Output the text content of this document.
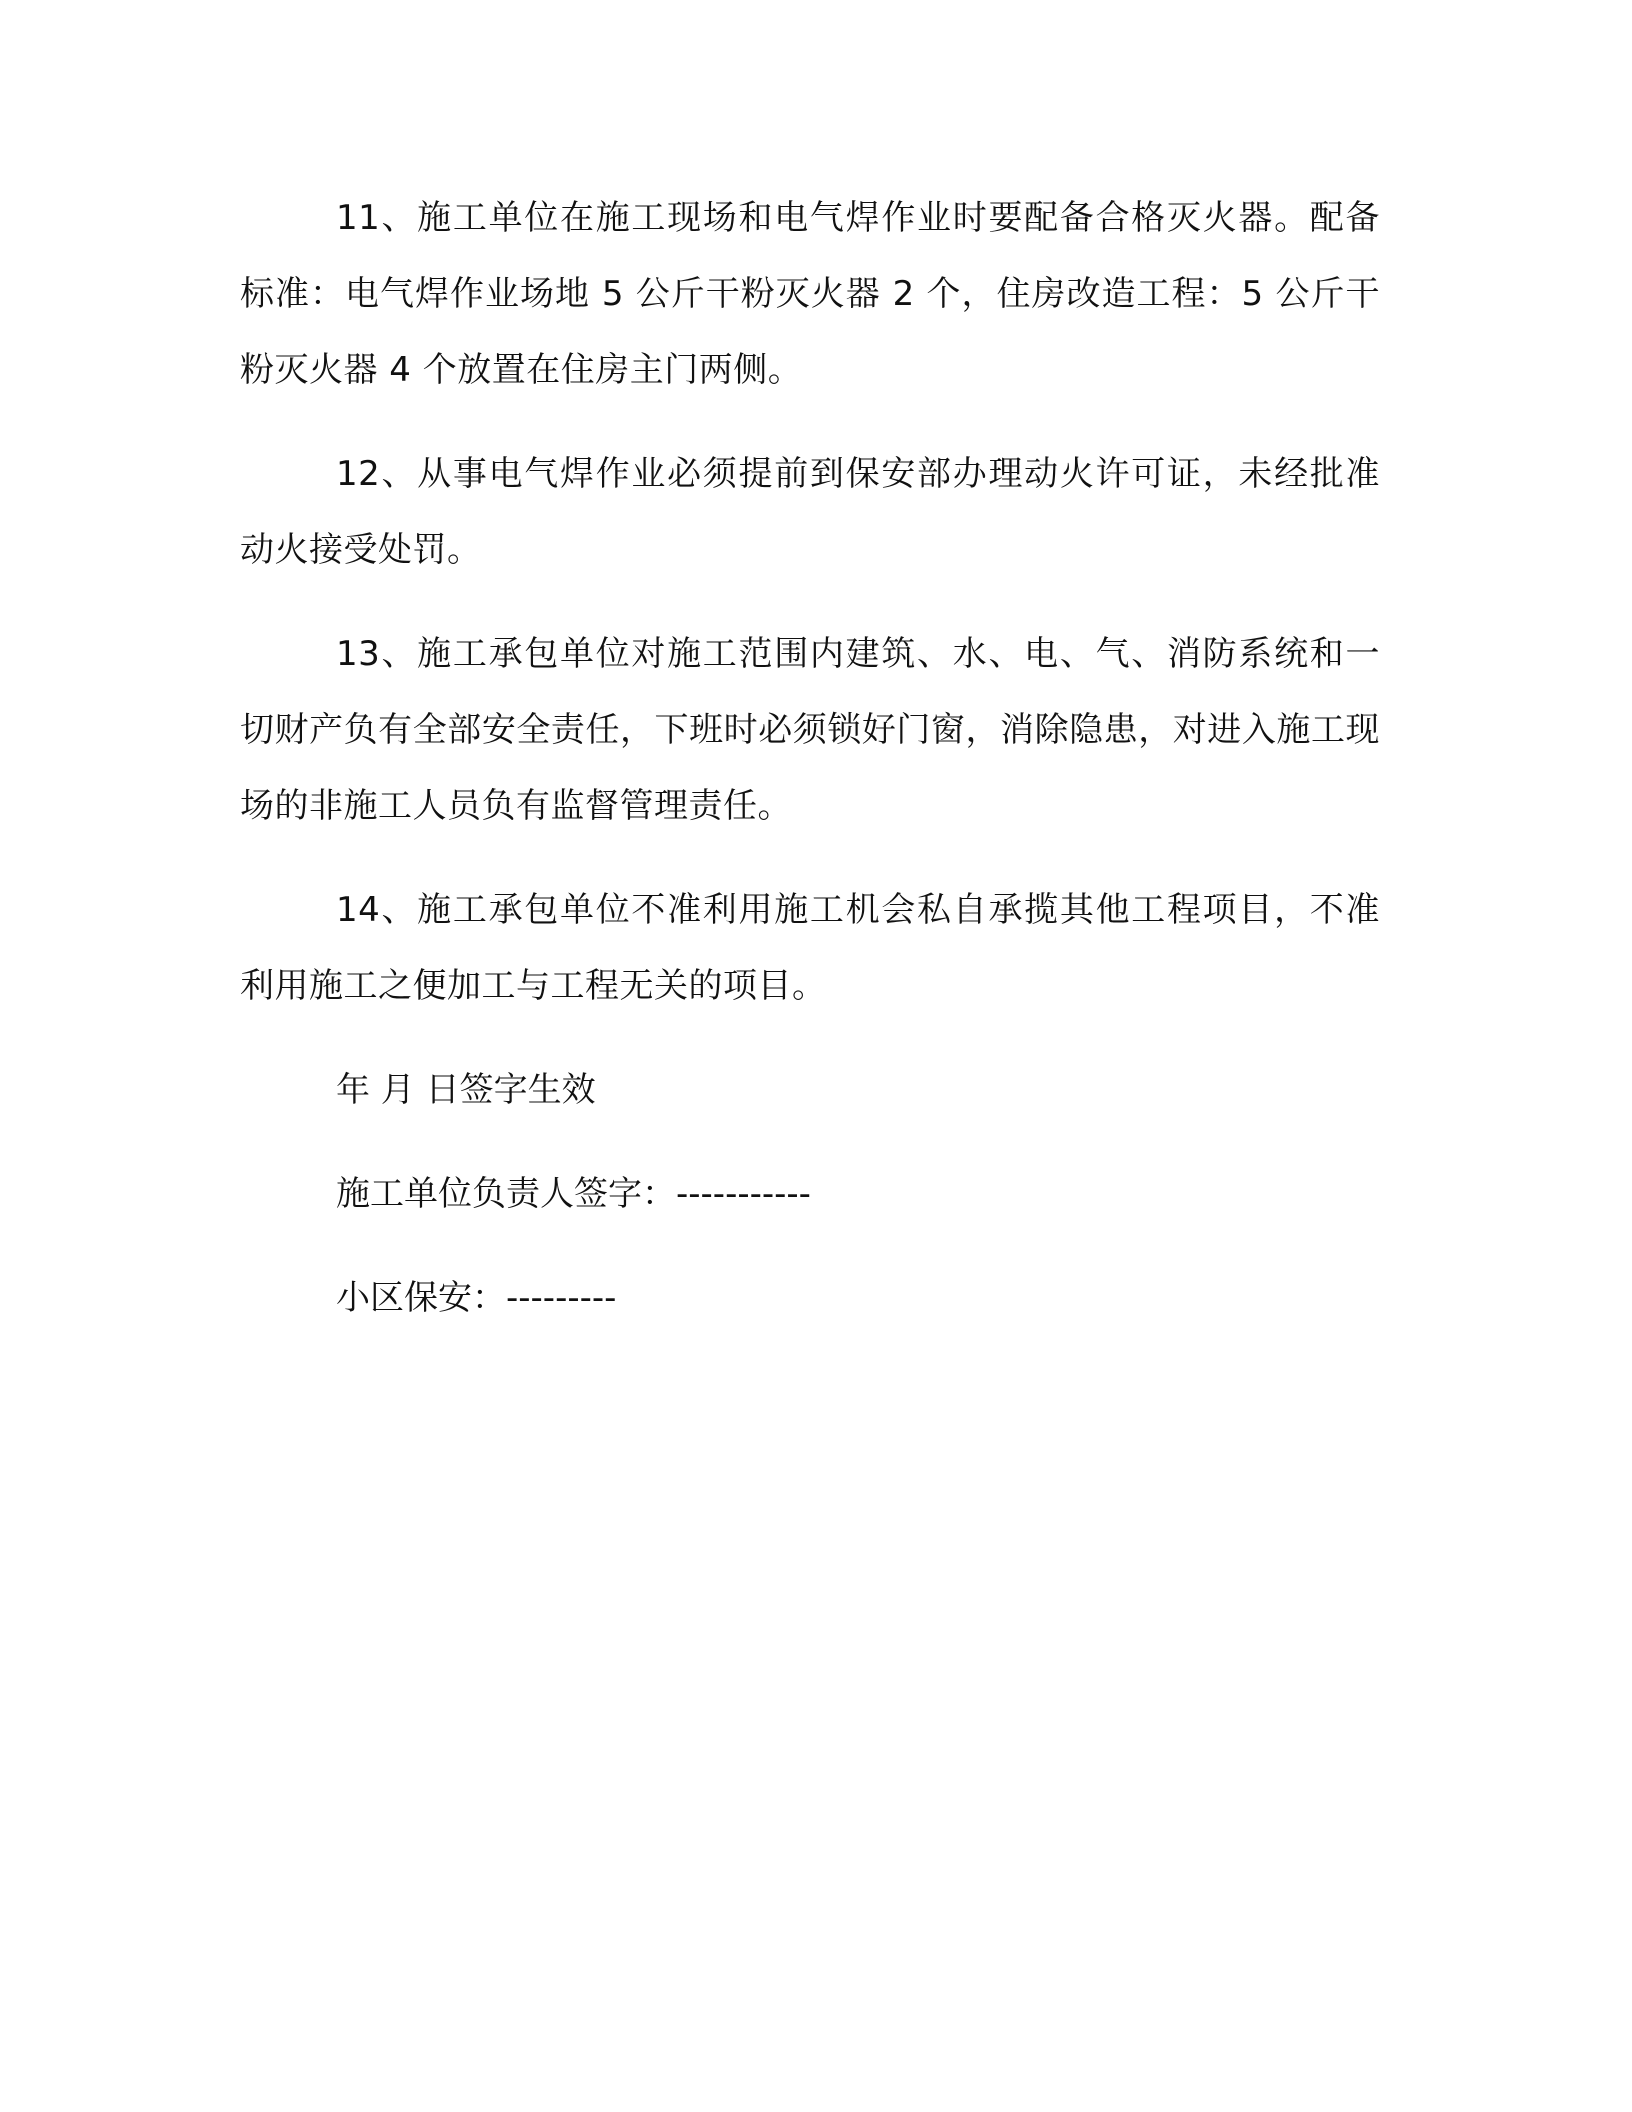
11、施工单位在施工现场和电气焊作业时要配备合格灭火器。配备标准：电气焊作业场地 5 公斤干粉灭火器 2 个，住房改造工程：5 公斤干粉灭火器 4 个放置在住房主门两侧。

12、从事电气焊作业必须提前到保安部办理动火许可证，未经批准动火接受处罚。

13、施工承包单位对施工范围内建筑、水、电、气、消防系统和一切财产负有全部安全责任，下班时必须锁好门窗，消除隐患，对进入施工现场的非施工人员负有监督管理责任。

14、施工承包单位不准利用施工机会私自承揽其他工程项目，不准利用施工之便加工与工程无关的项目。

年 月 日签字生效
施工单位负责人签字：-----------
小区保安：---------
